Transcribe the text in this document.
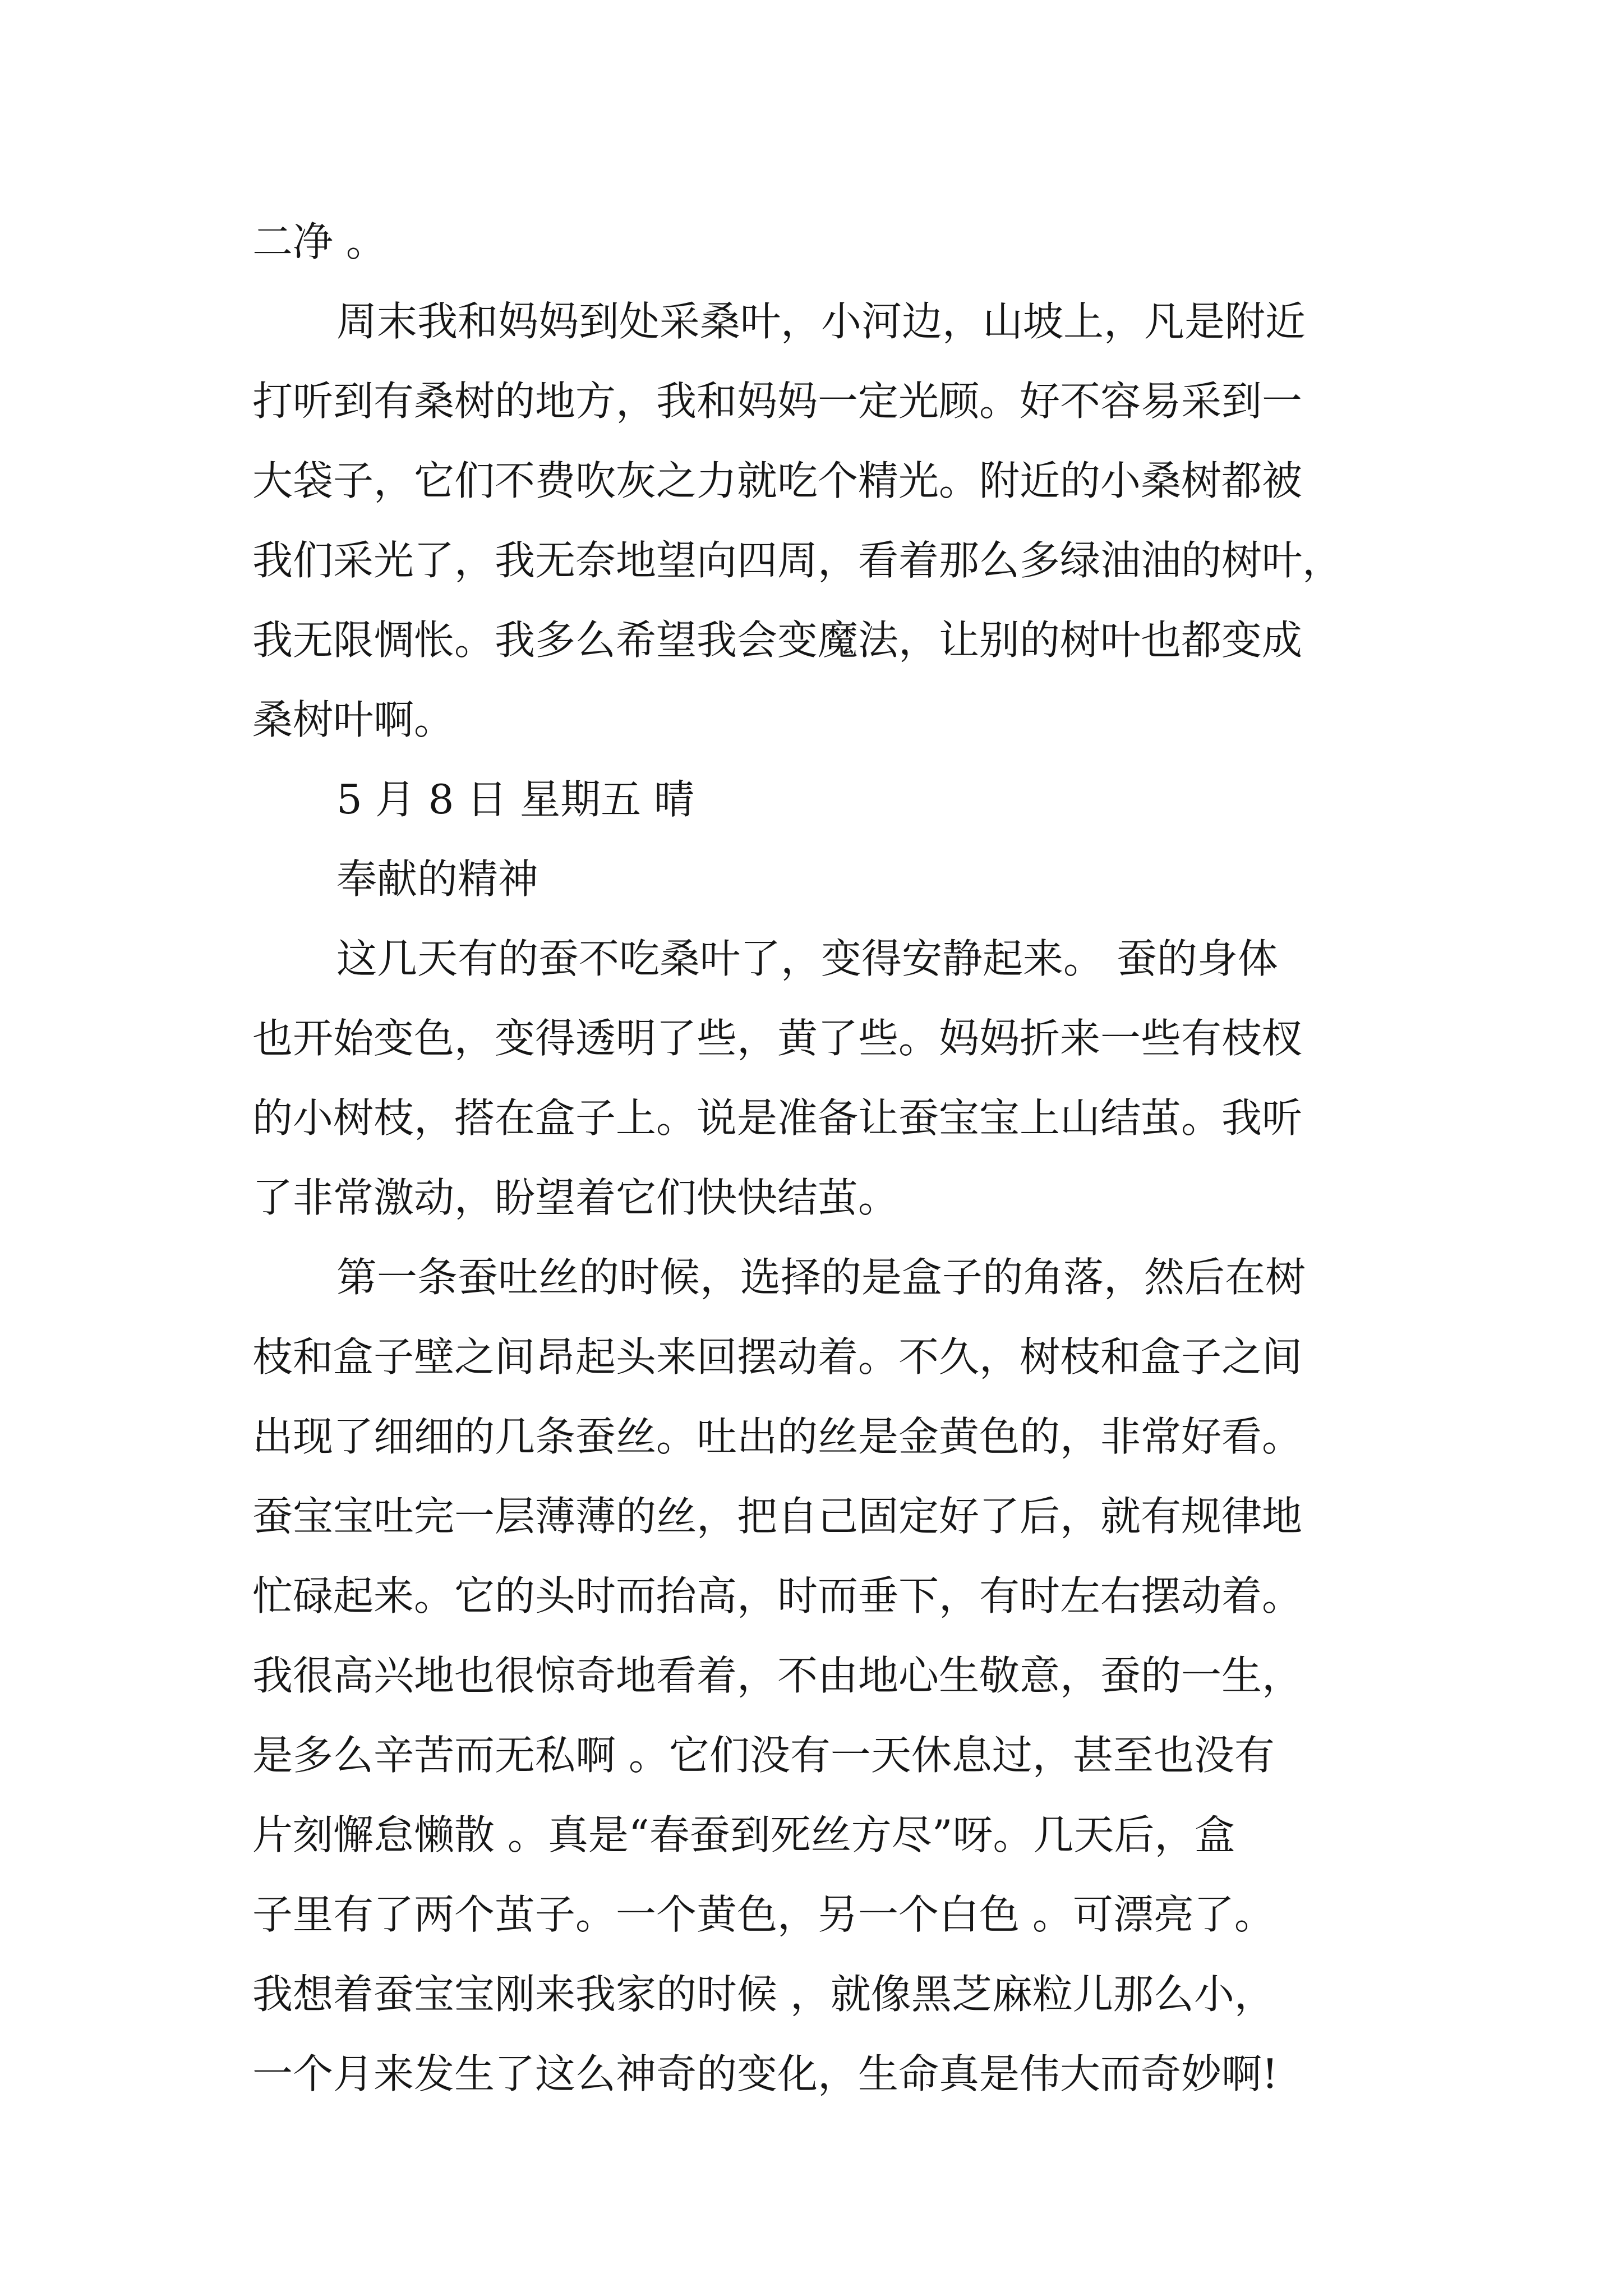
二净 。
周末我和妈妈到处采桑叶，小河边，山坡上，凡是附近
打听到有桑树的地方，我和妈妈一定光顾。好不容易采到一
大袋子，它们不费吹灰之力就吃个精光。附近的小桑树都被
我们采光了，我无奈地望向四周，看着那么多绿油油的树叶，
我无限惆怅。我多么希望我会变魔法，让别的树叶也都变成
桑树叶啊。
5 月 8 日 星期五 晴
奉献的精神
这几天有的蚕不吃桑叶了，变得安静起来。 蚕的身体
也开始变色，变得透明了些，黄了些。妈妈折来一些有枝杈
的小树枝，搭在盒子上。说是准备让蚕宝宝上山结茧。我听
了非常激动，盼望着它们快快结茧。
第一条蚕吐丝的时候，选择的是盒子的角落，然后在树
枝和盒子壁之间昂起头来回摆动着。不久，树枝和盒子之间
出现了细细的几条蚕丝。吐出的丝是金黄色的，非常好看。
蚕宝宝吐完一层薄薄的丝，把自己固定好了后，就有规律地
忙碌起来。它的头时而抬高，时而垂下，有时左右摆动着。
我很高兴地也很惊奇地看着，不由地心生敬意，蚕的一生，
是多么辛苦而无私啊 。它们没有一天休息过，甚至也没有
片刻懈怠懒散 。真是“春蚕到死丝方尽”呀。几天后，盒
子里有了两个茧子。一个黄色，另一个白色 。可漂亮了。
我想着蚕宝宝刚来我家的时候 ，就像黑芝麻粒儿那么小，
一个月来发生了这么神奇的变化，生命真是伟大而奇妙啊!
